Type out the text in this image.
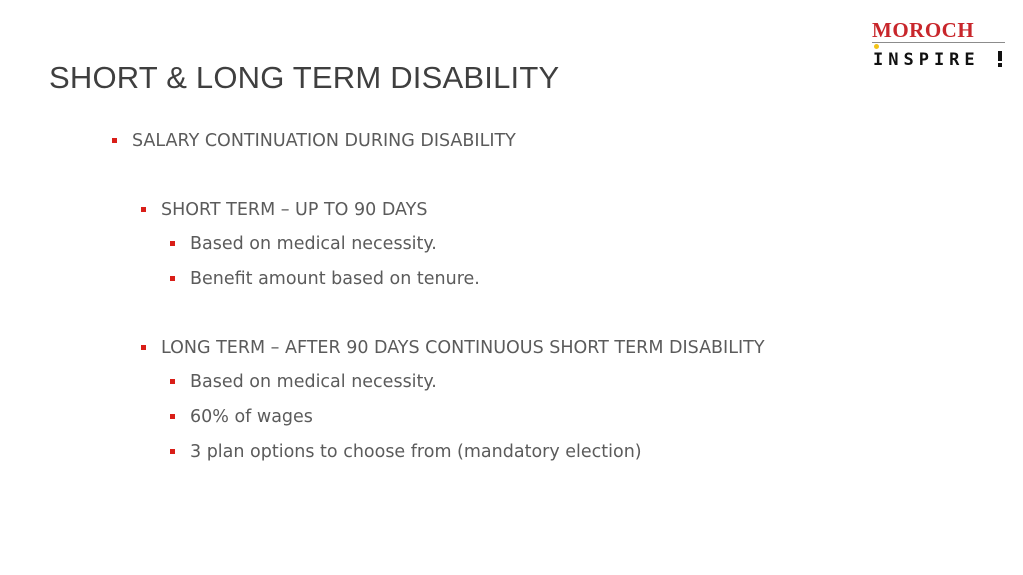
SHORT & LONG TERM DISABILITY
MOROCH
INSPIRE
SALARY CONTINUATION DURING DISABILITY
SHORT TERM – UP TO 90 DAYS
Based on medical necessity.
Benefit amount based on tenure.
LONG TERM – AFTER 90 DAYS CONTINUOUS SHORT TERM DISABILITY
Based on medical necessity.
60% of wages
3 plan options to choose from (mandatory election)
